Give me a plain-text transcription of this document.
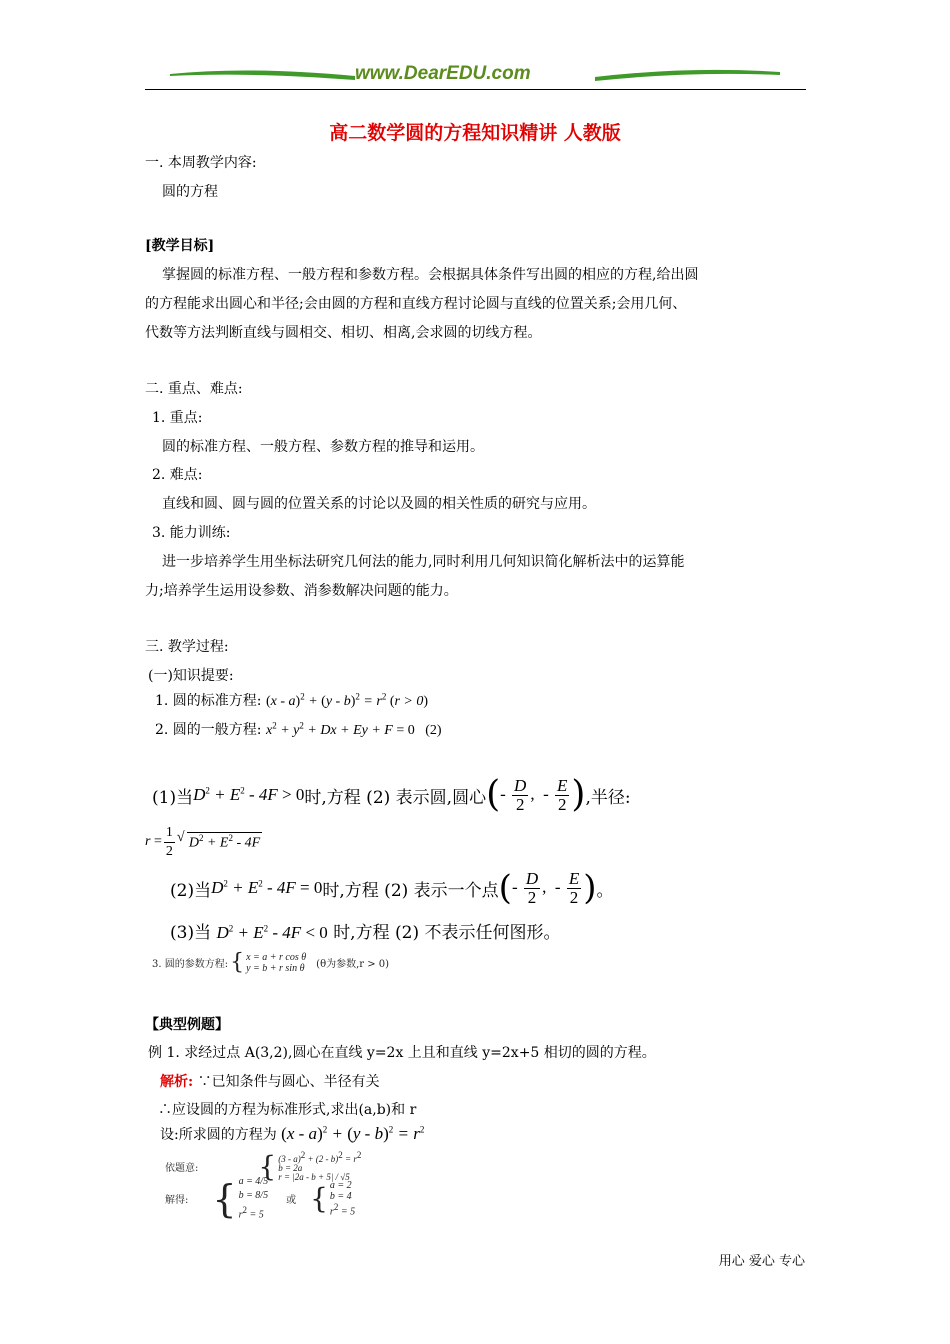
www.DearEDU.com
高二数学圆的方程知识精讲 人教版
一. 本周教学内容:
圆的方程
[教学目标]
掌握圆的标准方程、一般方程和参数方程。会根据具体条件写出圆的相应的方程,给出圆
的方程能求出圆心和半径;会由圆的方程和直线方程讨论圆与直线的位置关系;会用几何、
代数等方法判断直线与圆相交、相切、相离,会求圆的切线方程。
二. 重点、难点:
1. 重点:
圆的标准方程、一般方程、参数方程的推导和运用。
2. 难点:
直线和圆、圆与圆的位置关系的讨论以及圆的相关性质的研究与应用。
3. 能力训练:
进一步培养学生用坐标法研究几何法的能力,同时利用几何知识简化解析法中的运算能
力;培养学生运用设参数、消参数解决问题的能力。
三. 教学过程:
(一)知识提要:
1. 圆的标准方程: $(x - a)^2 + (y - b)^2 = r^2$ (r > 0)
2. 圆的一般方程: $x^2 + y^2 + Dx + Ey + F = 0$   (2)
(1)当 $D^2 + E^2 - 4F > 0$ 时,方程 (2) 表示圆,圆心 ( - $\frac{D}{2}$ ,  - $\frac{E}{2}$ ) ,半径:
$r = \frac{1}{2}$ √ $D^2 + E^2 - 4F$
(2)当 $D^2 + E^2 - 4F = 0$ 时,方程 (2) 表示一个点 ( - $\frac{D}{2}$ ,  - $\frac{E}{2}$ ) 。
(3)当 $D^2 + E^2 - 4F < 0$ 时,方程 (2) 不表示任何图形。
3. 圆的参数方程: { x = a + r cos θ
y = b + r sin θ (θ为参数,r > 0)
【典型例题】
例 1. 求经过点 A(3,2),圆心在直线 y=2x 上且和直线 y=2x+5 相切的圆的方程。
解析: ∵已知条件与圆心、半径有关
∴应设圆的方程为标准形式,求出(a,b)和 r
设:所求圆的方程为 $(x - a)^2 + (y - b)^2 = r^2$
依题意: { $(3 - a)^2 + (2 - b)^2 = r^2$
b = 2a
r = |2a - b + 5| / √5
解得: { a = 4/5
b = 8/5
$r^2 = 5$
或 { a = 2
b = 4
$r^2 = 5$
用心 爱心 专心
